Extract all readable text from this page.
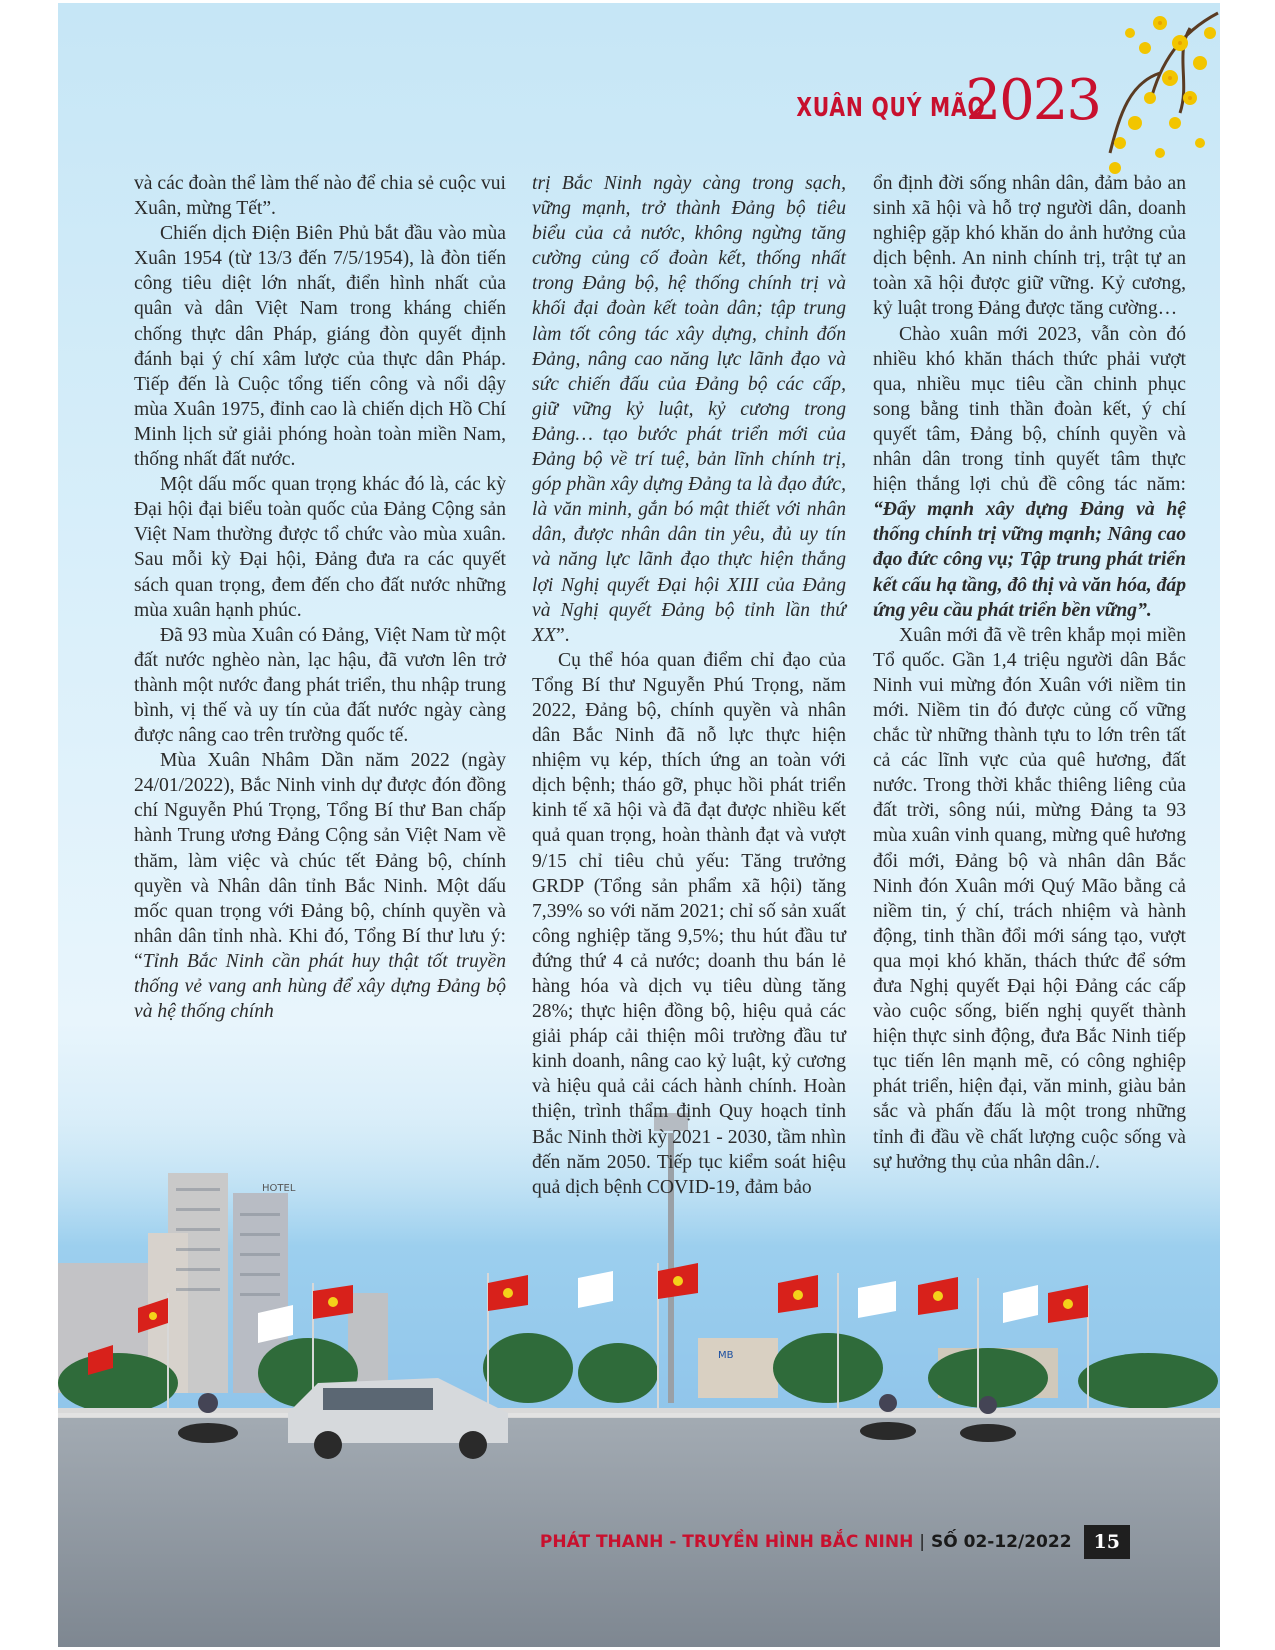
XUÂN QUÝ MÃO
2023
HOTEL
MB

và các đoàn thể làm thế nào để chia sẻ cuộc vui Xuân, mừng Tết”.

Chiến dịch Điện Biên Phủ bắt đầu vào mùa Xuân 1954 (từ 13/3 đến 7/5/1954), là đòn tiến công tiêu diệt lớn nhất, điển hình nhất của quân và dân Việt Nam trong kháng chiến chống thực dân Pháp, giáng đòn quyết định đánh bại ý chí xâm lược của thực dân Pháp. Tiếp đến là Cuộc tổng tiến công và nổi dậy mùa Xuân 1975, đỉnh cao là chiến dịch Hồ Chí Minh lịch sử giải phóng hoàn toàn miền Nam, thống nhất đất nước.

Một dấu mốc quan trọng khác đó là, các kỳ Đại hội đại biểu toàn quốc của Đảng Cộng sản Việt Nam thường được tổ chức vào mùa xuân. Sau mỗi kỳ Đại hội, Đảng đưa ra các quyết sách quan trọng, đem đến cho đất nước những mùa xuân hạnh phúc.

Đã 93 mùa Xuân có Đảng, Việt Nam từ một đất nước nghèo nàn, lạc hậu, đã vươn lên trở thành một nước đang phát triển, thu nhập trung bình, vị thế và uy tín của đất nước ngày càng được nâng cao trên trường quốc tế.

Mùa Xuân Nhâm Dần năm 2022 (ngày 24/01/2022), Bắc Ninh vinh dự được đón đồng chí Nguyễn Phú Trọng, Tổng Bí thư Ban chấp hành Trung ương Đảng Cộng sản Việt Nam về thăm, làm việc và chúc tết Đảng bộ, chính quyền và Nhân dân tỉnh Bắc Ninh. Một dấu mốc quan trọng với Đảng bộ, chính quyền và nhân dân tỉnh nhà. Khi đó, Tổng Bí thư lưu ý: “Tỉnh Bắc Ninh cần phát huy thật tốt truyền thống vẻ vang anh hùng để xây dựng Đảng bộ và hệ thống chính

trị Bắc Ninh ngày càng trong sạch, vững mạnh, trở thành Đảng bộ tiêu biểu của cả nước, không ngừng tăng cường củng cố đoàn kết, thống nhất trong Đảng bộ, hệ thống chính trị và khối đại đoàn kết toàn dân; tập trung làm tốt công tác xây dựng, chỉnh đốn Đảng, nâng cao năng lực lãnh đạo và sức chiến đấu của Đảng bộ các cấp, giữ vững kỷ luật, kỷ cương trong Đảng… tạo bước phát triển mới của Đảng bộ về trí tuệ, bản lĩnh chính trị, góp phần xây dựng Đảng ta là đạo đức, là văn minh, gắn bó mật thiết với nhân dân, được nhân dân tin yêu, đủ uy tín và năng lực lãnh đạo thực hiện thắng lợi Nghị quyết Đại hội XIII của Đảng và Nghị quyết Đảng bộ tỉnh lần thứ XX”.

Cụ thể hóa quan điểm chỉ đạo của Tổng Bí thư Nguyễn Phú Trọng, năm 2022, Đảng bộ, chính quyền và nhân dân Bắc Ninh đã nỗ lực thực hiện nhiệm vụ kép, thích ứng an toàn với dịch bệnh; tháo gỡ, phục hồi phát triển kinh tế xã hội và đã đạt được nhiều kết quả quan trọng, hoàn thành đạt và vượt 9/15 chỉ tiêu chủ yếu: Tăng trưởng GRDP (Tổng sản phẩm xã hội) tăng 7,39% so với năm 2021; chỉ số sản xuất công nghiệp tăng 9,5%; thu hút đầu tư đứng thứ 4 cả nước; doanh thu bán lẻ hàng hóa và dịch vụ tiêu dùng tăng 28%; thực hiện đồng bộ, hiệu quả các giải pháp cải thiện môi trường đầu tư kinh doanh, nâng cao kỷ luật, kỷ cương và hiệu quả cải cách hành chính. Hoàn thiện, trình thẩm định Quy hoạch tỉnh Bắc Ninh thời kỳ 2021 - 2030, tầm nhìn đến năm 2050. Tiếp tục kiểm soát hiệu quả dịch bệnh COVID-19, đảm bảo

ổn định đời sống nhân dân, đảm bảo an sinh xã hội và hỗ trợ người dân, doanh nghiệp gặp khó khăn do ảnh hưởng của dịch bệnh. An ninh chính trị, trật tự an toàn xã hội được giữ vững. Kỷ cương, kỷ luật trong Đảng được tăng cường…

Chào xuân mới 2023, vẫn còn đó nhiều khó khăn thách thức phải vượt qua, nhiều mục tiêu cần chinh phục song bằng tinh thần đoàn kết, ý chí quyết tâm, Đảng bộ, chính quyền và nhân dân trong tỉnh quyết tâm thực hiện thắng lợi chủ đề công tác năm: “Đẩy mạnh xây dựng Đảng và hệ thống chính trị vững mạnh; Nâng cao đạo đức công vụ; Tập trung phát triển kết cấu hạ tầng, đô thị và văn hóa, đáp ứng yêu cầu phát triển bền vững”.

Xuân mới đã về trên khắp mọi miền Tổ quốc. Gần 1,4 triệu người dân Bắc Ninh vui mừng đón Xuân với niềm tin mới. Niềm tin đó được củng cố vững chắc từ những thành tựu to lớn trên tất cả các lĩnh vực của quê hương, đất nước. Trong thời khắc thiêng liêng của đất trời, sông núi, mừng Đảng ta 93 mùa xuân vinh quang, mừng quê hương đổi mới, Đảng bộ và nhân dân Bắc Ninh đón Xuân mới Quý Mão bằng cả niềm tin, ý chí, trách nhiệm và hành động, tinh thần đổi mới sáng tạo, vượt qua mọi khó khăn, thách thức để sớm đưa Nghị quyết Đại hội Đảng các cấp vào cuộc sống, biến nghị quyết thành hiện thực sinh động, đưa Bắc Ninh tiếp tục tiến lên mạnh mẽ, có công nghiệp phát triển, hiện đại, văn minh, giàu bản sắc và phấn đấu là một trong những tỉnh đi đầu về chất lượng cuộc sống và sự hưởng thụ của nhân dân./.

PHÁT THANH - TRUYỀN HÌNH BẮC NINH | SỐ 02-12/2022	15
